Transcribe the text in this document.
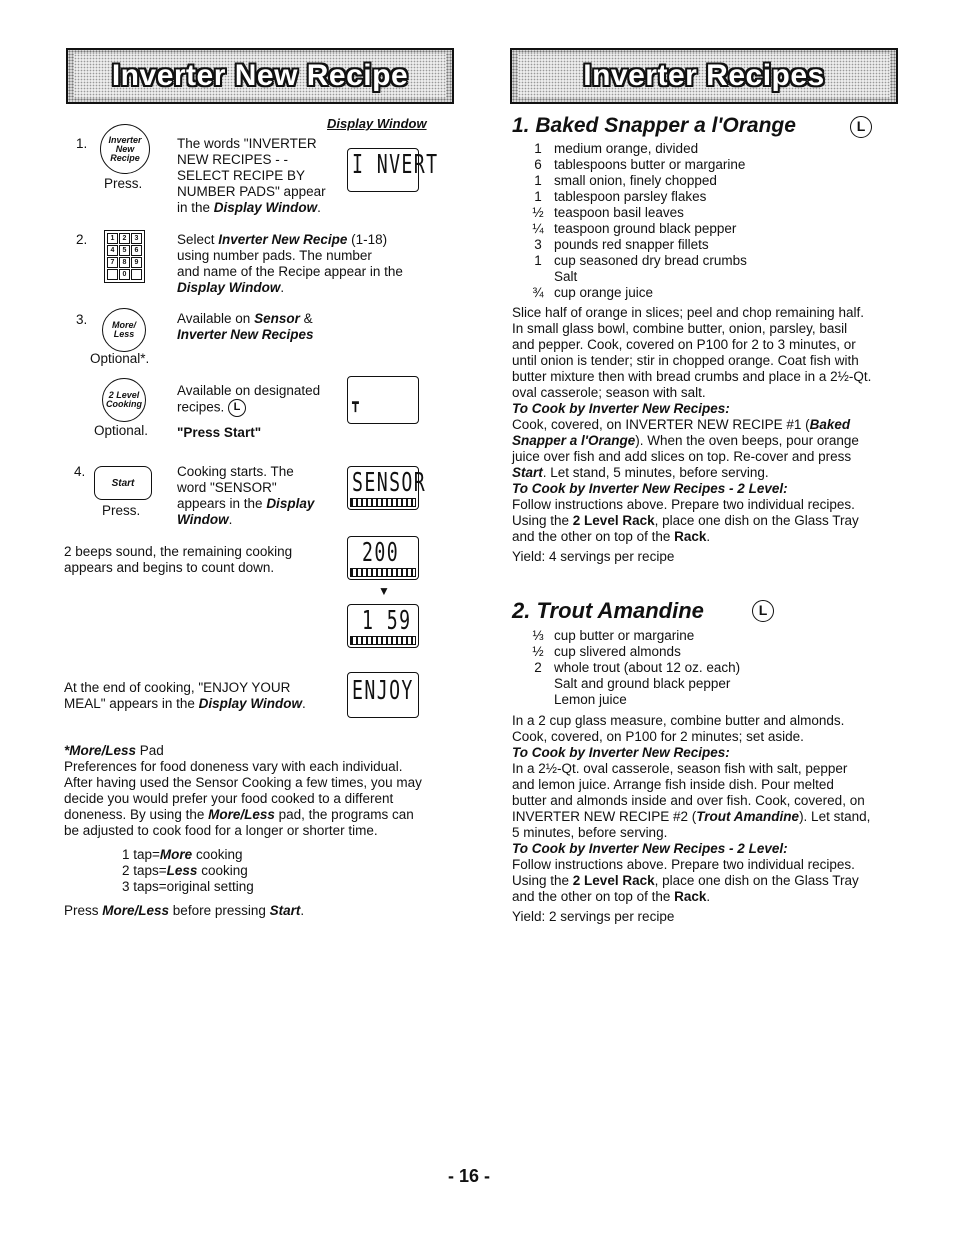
Inverter New Recipe
Display Window
1.	Inverter New Recipe
Press.
The words "INVERTER
NEW RECIPES - -
SELECT RECIPE BY
NUMBER PADS" appear
in the Display Window.
I NVERT
2.	1	2	3
4	5	6
7	8	9
0
Select Inverter New Recipe (1-18)
using number pads. The number
and name of the Recipe appear in the
Display Window.
3.	More/ Less
Optional*.
Available on Sensor &
Inverter New Recipes
2 Level Cooking
Optional.
Available on designated
recipes. L
"Press Start"
┳
4.
Start
Press.
Cooking starts. The
word "SENSOR"
appears in the Display
Window.
SENSOR
2 beeps sound, the remaining cooking
appears and begins to count down.	200
▼
1 59
At the end of cooking, "ENJOY YOUR
MEAL" appears in the Display Window.	ENJOY
*More/Less Pad
Preferences for food doneness vary with each individual.
After having used the Sensor Cooking a few times, you may
decide you would prefer your food cooked to a different
doneness. By using the More/Less pad, the programs can
be adjusted to cook food for a longer or shorter time.
1 tap=More cooking
2 taps=Less cooking
3 taps=original setting
Press More/Less before pressing Start.
Inverter Recipes
1. Baked Snapper a l'Orange	L
1 medium orange, divided
6 tablespoons butter or margarine
1 small onion, finely chopped
1 tablespoon parsley flakes
½ teaspoon basil leaves
¼ teaspoon ground black pepper
3 pounds red snapper fillets
1 cup seasoned dry bread crumbs
Salt
¾ cup orange juice
Slice half of orange in slices; peel and chop remaining half.
In small glass bowl, combine butter, onion, parsley, basil
and pepper. Cook, covered on P100 for 2 to 3 minutes, or
until onion is tender; stir in chopped orange. Coat fish with
butter mixture then with bread crumbs and place in a 2½-Qt.
oval casserole; season with salt.
To Cook by Inverter New Recipes:
Cook, covered, on INVERTER NEW RECIPE #1 (Baked
Snapper a l'Orange). When the oven beeps, pour orange
juice over fish and add slices on top. Re-cover and press
Start. Let stand, 5 minutes, before serving.
To Cook by Inverter New Recipes - 2 Level:
Follow instructions above. Prepare two individual recipes.
Using the 2 Level Rack, place one dish on the Glass Tray
and the other on top of the Rack.
Yield: 4 servings per recipe
2. Trout Amandine	L
⅓ cup butter or margarine
½ cup slivered almonds
2 whole trout (about 12 oz. each)
Salt and ground black pepper
Lemon juice
In a 2 cup glass measure, combine butter and almonds.
Cook, covered, on P100 for 2 minutes; set aside.
To Cook by Inverter New Recipes:
In a 2½-Qt. oval casserole, season fish with salt, pepper
and lemon juice. Arrange fish inside dish. Pour melted
butter and almonds inside and over fish. Cook, covered, on
INVERTER NEW RECIPE #2 (Trout Amandine). Let stand,
5 minutes, before serving.
To Cook by Inverter New Recipes - 2 Level:
Follow instructions above. Prepare two individual recipes.
Using the 2 Level Rack, place one dish on the Glass Tray
and the other on top of the Rack.
Yield: 2 servings per recipe
- 16 -
